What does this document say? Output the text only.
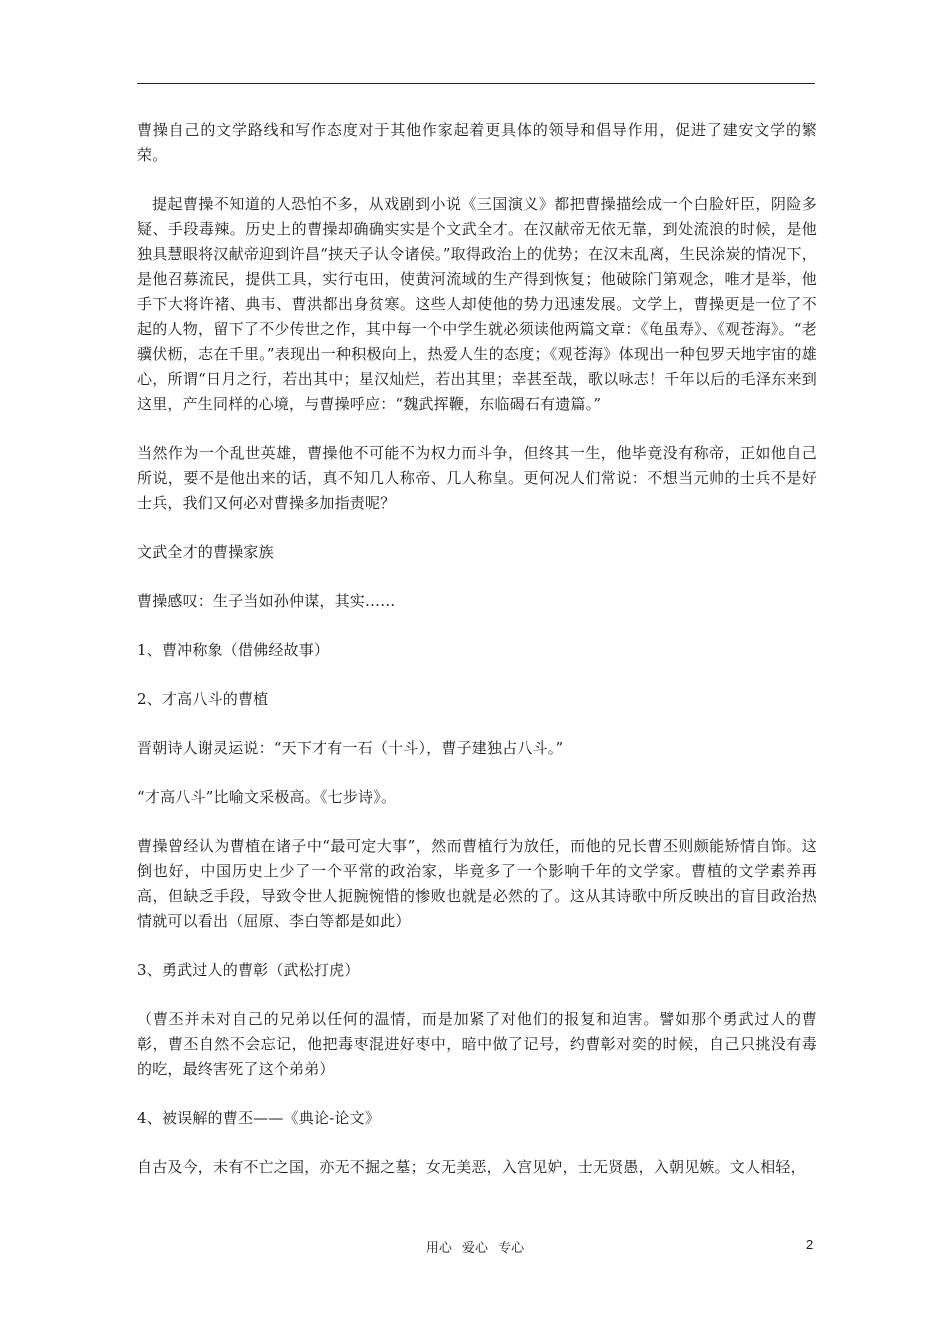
曹操自己的文学路线和写作态度对于其他作家起着更具体的领导和倡导作用，促进了建安文学的繁荣。

提起曹操不知道的人恐怕不多，从戏剧到小说《三国演义》都把曹操描绘成一个白脸奸臣，阴险多疑、手段毒辣。历史上的曹操却确确实实是个文武全才。在汉献帝无依无靠，到处流浪的时候，是他独具慧眼将汉献帝迎到许昌“挟天子认令诸侯。”取得政治上的优势；在汉末乱离，生民涂炭的情况下，是他召募流民，提供工具，实行屯田，使黄河流域的生产得到恢复；他破除门第观念，唯才是举，他手下大将许褚、典韦、曹洪都出身贫寒。这些人却使他的势力迅速发展。文学上，曹操更是一位了不起的人物，留下了不少传世之作，其中每一个中学生就必须读他两篇文章：《龟虽寿》、《观苍海》。“老骥伏枥，志在千里。”表现出一种积极向上，热爱人生的态度；《观苍海》体现出一种包罗天地宇宙的雄心，所谓“日月之行，若出其中；星汉灿烂，若出其里；幸甚至哉，歌以咏志！千年以后的毛泽东来到这里，产生同样的心境，与曹操呼应：“魏武挥鞭，东临碣石有遗篇。”

当然作为一个乱世英雄，曹操他不可能不为权力而斗争，但终其一生，他毕竟没有称帝，正如他自己所说，要不是他出来的话，真不知几人称帝、几人称皇。更何况人们常说：不想当元帅的士兵不是好士兵，我们又何必对曹操多加指责呢？

文武全才的曹操家族

曹操感叹：生子当如孙仲谋，其实……

1、曹冲称象（借佛经故事）

2、才高八斗的曹植

晋朝诗人谢灵运说：“天下才有一石（十斗），曹子建独占八斗。”

“才高八斗”比喻文采极高。《七步诗》。

曹操曾经认为曹植在诸子中“最可定大事”，然而曹植行为放任，而他的兄长曹丕则颇能矫情自饰。这倒也好，中国历史上少了一个平常的政治家，毕竟多了一个影响千年的文学家。曹植的文学素养再高，但缺乏手段，导致令世人扼腕惋惜的惨败也就是必然的了。这从其诗歌中所反映出的盲目政治热情就可以看出（屈原、李白等都是如此）

3、勇武过人的曹彰（武松打虎）

（曹丕并未对自己的兄弟以任何的温情，而是加紧了对他们的报复和迫害。譬如那个勇武过人的曹彰，曹丕自然不会忘记，他把毒枣混进好枣中，暗中做了记号，约曹彰对奕的时候，自己只挑没有毒的吃，最终害死了这个弟弟）

4、被误解的曹丕——《典论-论文》

自古及今，未有不亡之国，亦无不掘之墓；女无美恶，入宫见妒，士无贤愚，入朝见嫉。文人相轻，

用心 爱心 专心	2
